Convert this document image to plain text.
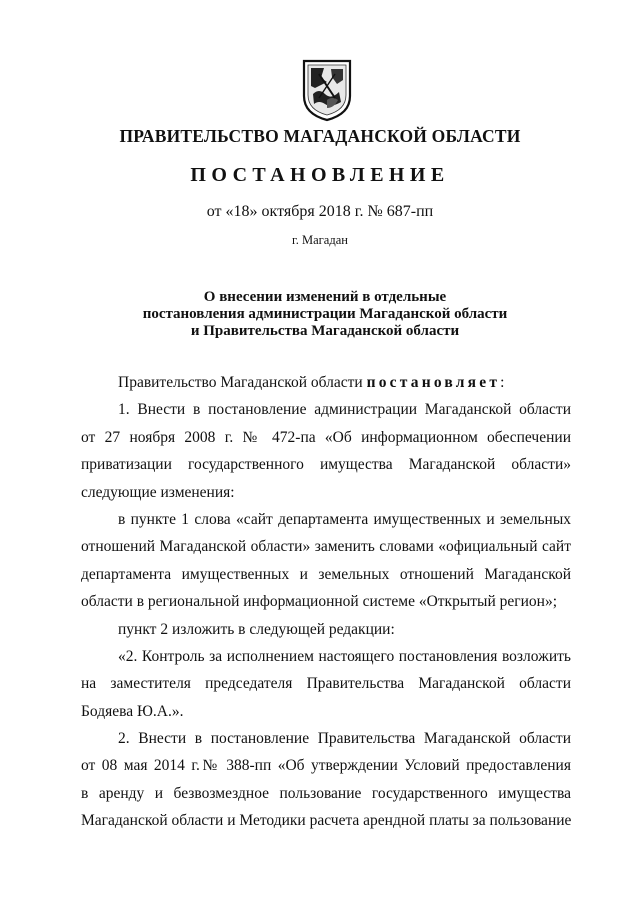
ПРАВИТЕЛЬСТВО МАГАДАНСКОЙ ОБЛАСТИ
ПОСТАНОВЛЕНИЕ
от «18» октября 2018 г. № 687-пп
г. Магадан
О внесении изменений в отдельные
постановления администрации Магаданской области
и Правительства Магаданской области
Правительство Магаданской области постановляет:
1. Внести в постановление администрации Магаданской области
от 27 ноября 2008 г. № 472-па «Об информационном обеспечении
приватизации государственного имущества Магаданской области»
следующие изменения:
в пункте 1 слова «сайт департамента имущественных и земельных
отношений Магаданской области» заменить словами «официальный сайт
департамента имущественных и земельных отношений Магаданской
области в региональной информационной системе «Открытый регион»;
пункт 2 изложить в следующей редакции:
«2. Контроль за исполнением настоящего постановления возложить
на заместителя председателя Правительства Магаданской области
Бодяева Ю.А.».
2. Внести в постановление Правительства Магаданской области
от 08 мая 2014 г.№ 388-пп «Об утверждении Условий предоставления
в аренду и безвозмездное пользование государственного имущества
Магаданской области и Методики расчета арендной платы за пользование
